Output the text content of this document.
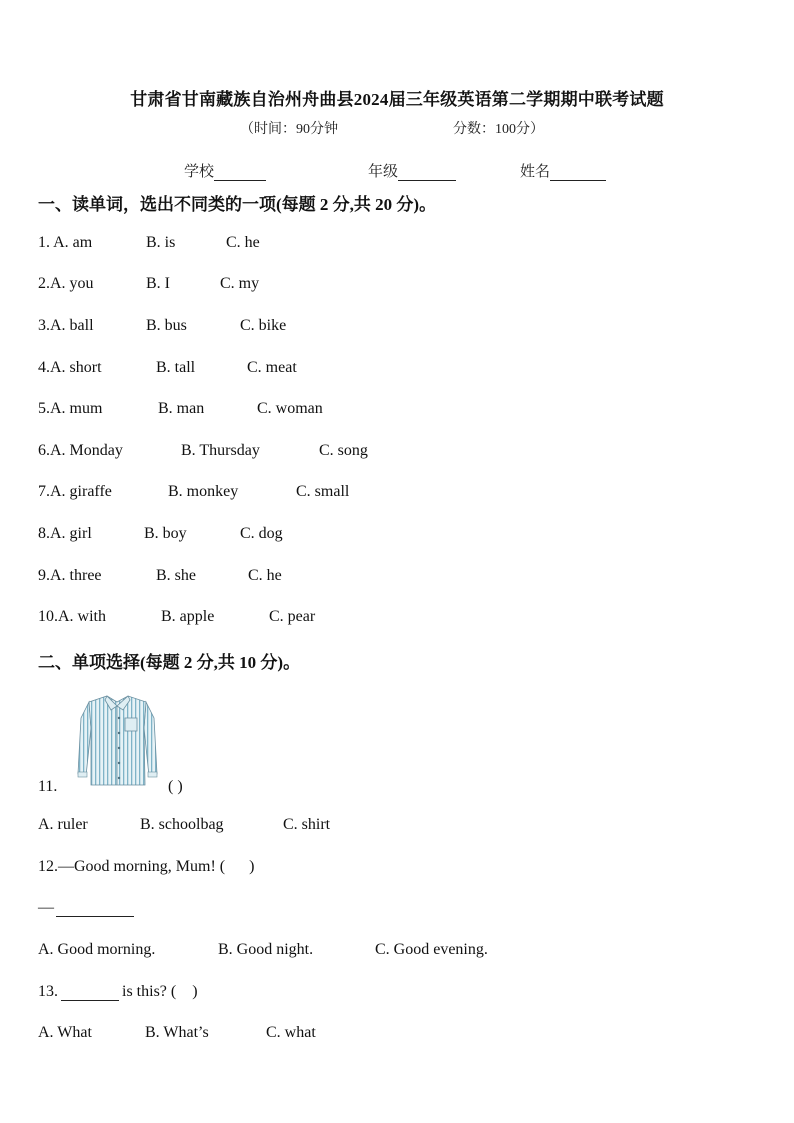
甘肃省甘南藏族自治州舟曲县2024届三年级英语第二学期期中联考试题
（时间：90分钟	分数：100分）
学校	年级	姓名
一、读单词，选出不同类的一项(每题 2 分,共 20 分)。
1. A. am	B. is	C. he
2.A. you	B. I	C. my
3.A. ball	B. bus	C. bike
4.A. short	B. tall	C. meat
5.A. mum	B. man	C. woman
6.A. Monday	B. Thursday	C. song
7.A. giraffe	B. monkey	C. small
8.A. girl	B. boy	C. dog
9.A. three	B. she	C. he
10.A. with	B. apple	C. pear
二、单项选择(每题 2 分,共 10 分)。
11.	( )
A. ruler	B. schoolbag	C. shirt
12.—Good morning, Mum! (      )
—
A. Good morning.	B. Good night.	C. Good evening.
13.	is this? (    )
A. What	B. What’s	C. what
